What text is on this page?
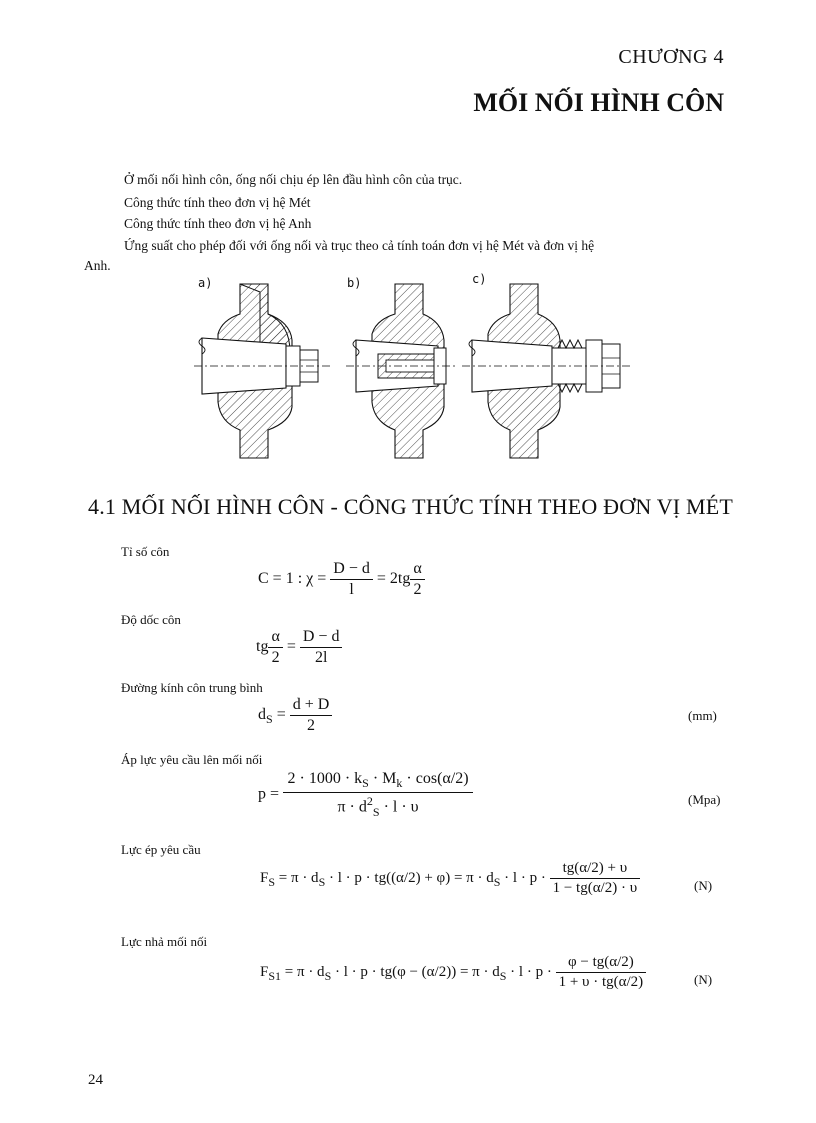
CHƯƠNG 4
MỐI NỐI HÌNH CÔN
Ở mối nối hình côn, ống nối chịu ép lên đầu hình côn của trục.
Công thức tính theo đơn vị hệ Mét
Công thức tính theo đơn vị hệ Anh
Ứng suất cho phép đối với ống nối và trục theo cả tính toán đơn vị hệ Mét và đơn vị hệ
Anh.
a)	b)	c)
4.1 MỐI NỐI HÌNH CÔN - CÔNG THỨC TÍNH THEO ĐƠN VỊ MÉT
Tỉ số côn
C = 1 : $\chi = \frac{D - d}{l} = 2tg \frac{\alpha}{2}$
Độ dốc côn
tg $\frac{\alpha}{2} = \frac{D - d}{2l}$
Đường kính côn trung bình
$d_S = \frac{d + D}{2}$	(mm)
Áp lực yêu cầu lên mối nối
$p = \frac{2 \cdot 1000 \cdot k_S \cdot M_k \cdot \cos(\alpha/2)}{\pi \cdot d^2_S \cdot l \cdot \upsilon}$	(Mpa)
Lực ép yêu cầu
$F_S = \pi \cdot d_S \cdot l \cdot p \cdot tg((\alpha/2) + \varphi) = \pi \cdot d_S \cdot l \cdot p \cdot \frac{tg(\alpha/2) + \upsilon}{1 - tg(\alpha/2) \cdot \upsilon}$	(N)
Lực nhả mối nối
$F_{S1} = \pi \cdot d_S \cdot l \cdot p \cdot tg(\varphi - (\alpha/2)) = \pi \cdot d_S \cdot l \cdot p \cdot \frac{\varphi - tg(\alpha/2)}{1 + \upsilon \cdot tg(\alpha/2)}$	(N)
24
